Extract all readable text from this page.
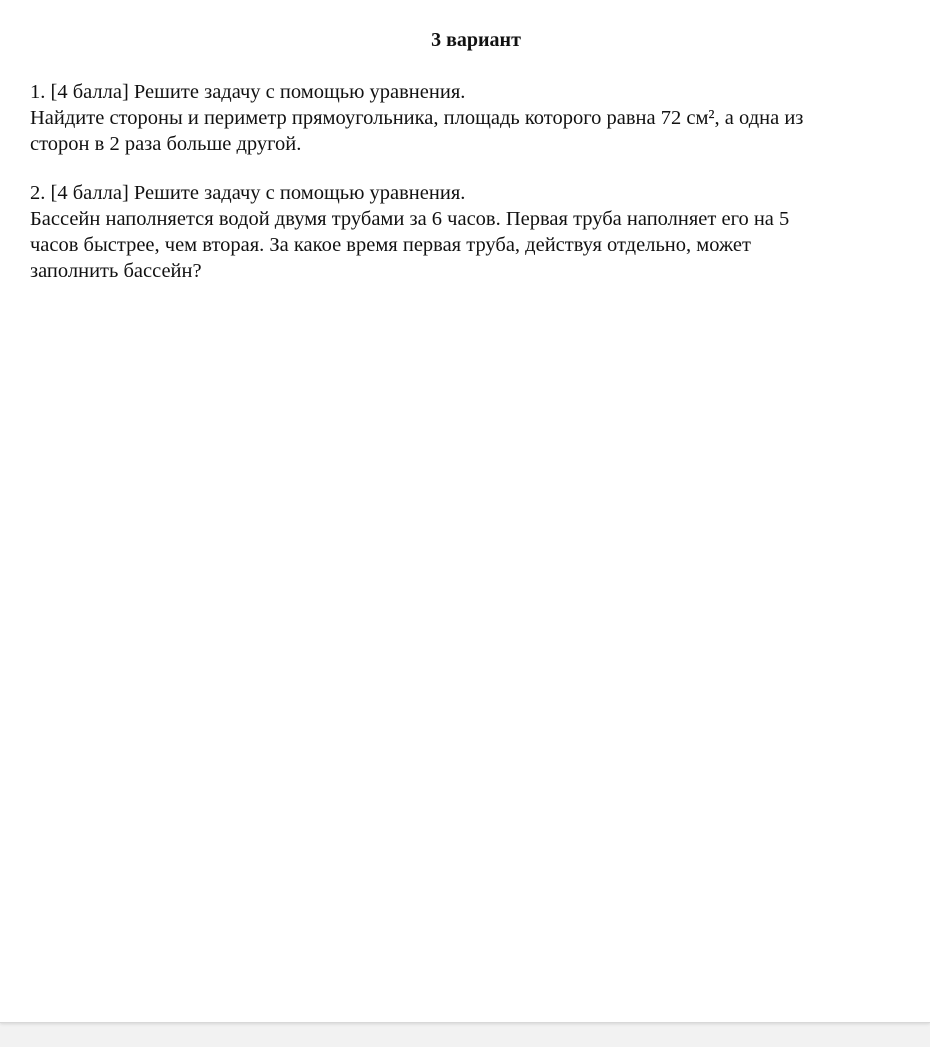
3 вариант
1. [4 балла] Решите задачу с помощью уравнения.
Найдите стороны и периметр прямоугольника, площадь которого равна 72 см², а одна из
сторон в 2 раза больше другой.
2. [4 балла] Решите задачу с помощью уравнения.
Бассейн наполняется водой двумя трубами за 6 часов. Первая труба наполняет его на 5
часов быстрее, чем вторая. За какое время первая труба, действуя отдельно, может
заполнить бассейн?
